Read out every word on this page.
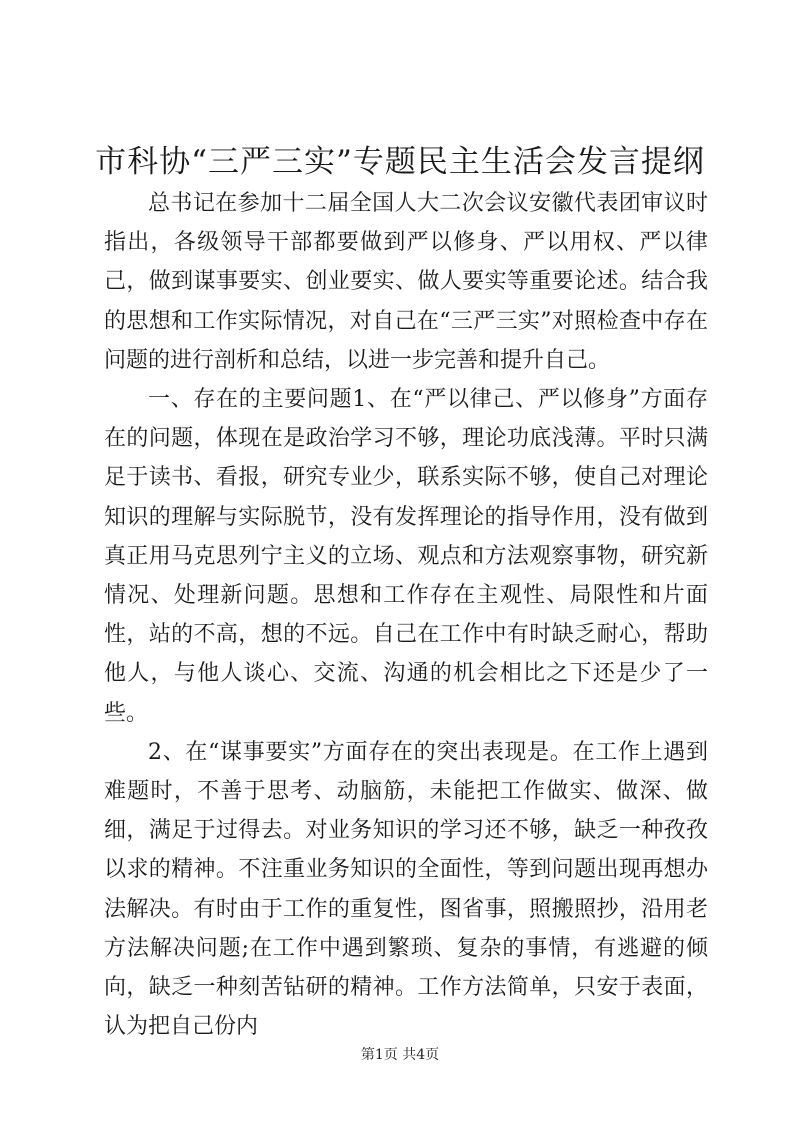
市科协“三严三实”专题民主生活会发言提纲

总书记在参加十二届全国人大二次会议安徽代表团审议时指出，各级领导干部都要做到严以修身、严以用权、严以律己，做到谋事要实、创业要实、做人要实等重要论述。结合我的思想和工作实际情况，对自己在“三严三实”对照检查中存在问题的进行剖析和总结，以进一步完善和提升自己。

一、存在的主要问题1、在“严以律己、严以修身”方面存在的问题，体现在是政治学习不够，理论功底浅薄。平时只满足于读书、看报，研究专业少，联系实际不够，使自己对理论知识的理解与实际脱节，没有发挥理论的指导作用，没有做到真正用马克思列宁主义的立场、观点和方法观察事物，研究新情况、处理新问题。思想和工作存在主观性、局限性和片面性，站的不高，想的不远。自己在工作中有时缺乏耐心，帮助他人，与他人谈心、交流、沟通的机会相比之下还是少了一些。

2、在“谋事要实”方面存在的突出表现是。在工作上遇到难题时，不善于思考、动脑筋，未能把工作做实、做深、做细，满足于过得去。对业务知识的学习还不够，缺乏一种孜孜以求的精神。不注重业务知识的全面性，等到问题出现再想办法解决。有时由于工作的重复性，图省事，照搬照抄，沿用老方法解决问题;在工作中遇到繁琐、复杂的事情，有逃避的倾向，缺乏一种刻苦钻研的精神。工作方法简单，只安于表面，认为把自己份内

第1页 共4页
